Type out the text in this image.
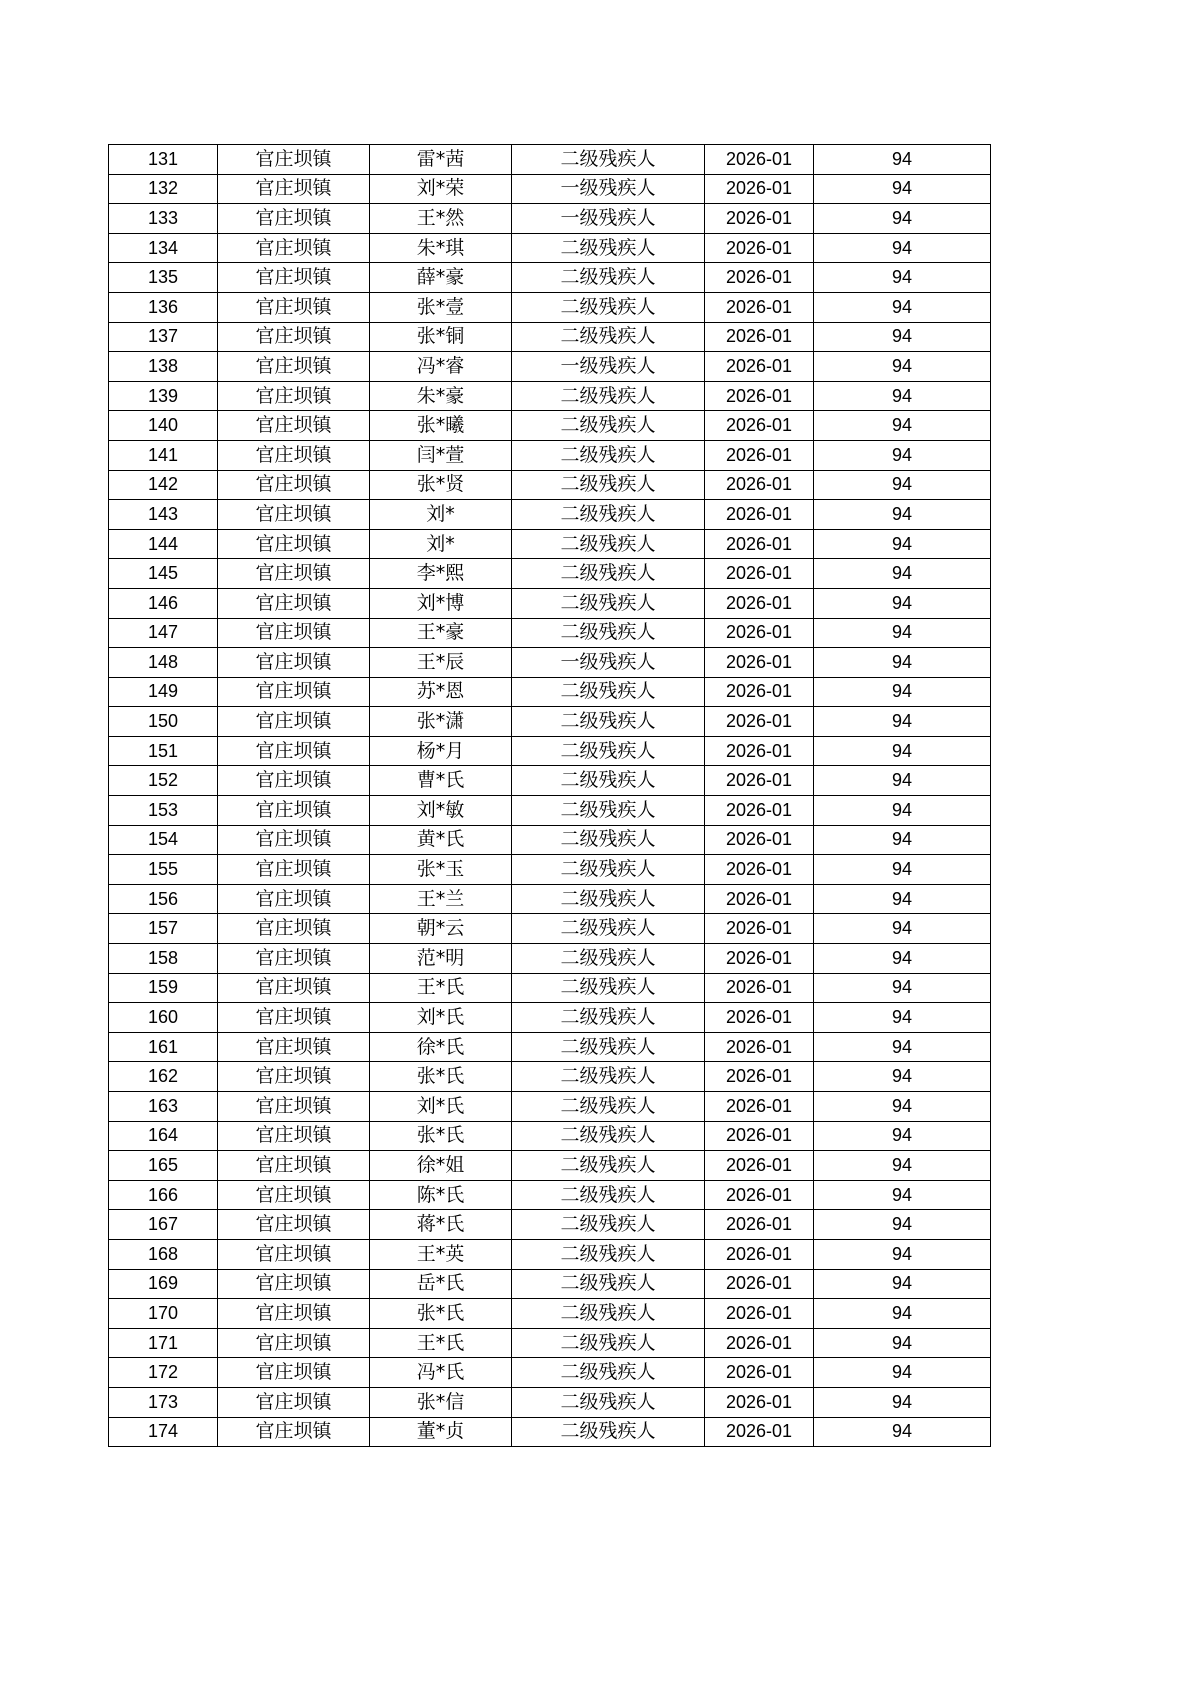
131	官庄坝镇	雷*茜	二级残疾人	2026-01	94
132	官庄坝镇	刘*荣	一级残疾人	2026-01	94
133	官庄坝镇	王*然	一级残疾人	2026-01	94
134	官庄坝镇	朱*琪	二级残疾人	2026-01	94
135	官庄坝镇	薛*豪	二级残疾人	2026-01	94
136	官庄坝镇	张*壹	二级残疾人	2026-01	94
137	官庄坝镇	张*铜	二级残疾人	2026-01	94
138	官庄坝镇	冯*睿	一级残疾人	2026-01	94
139	官庄坝镇	朱*豪	二级残疾人	2026-01	94
140	官庄坝镇	张*曦	二级残疾人	2026-01	94
141	官庄坝镇	闫*萱	二级残疾人	2026-01	94
142	官庄坝镇	张*贤	二级残疾人	2026-01	94
143	官庄坝镇	刘*	二级残疾人	2026-01	94
144	官庄坝镇	刘*	二级残疾人	2026-01	94
145	官庄坝镇	李*熙	二级残疾人	2026-01	94
146	官庄坝镇	刘*博	二级残疾人	2026-01	94
147	官庄坝镇	王*豪	二级残疾人	2026-01	94
148	官庄坝镇	王*辰	一级残疾人	2026-01	94
149	官庄坝镇	苏*恩	二级残疾人	2026-01	94
150	官庄坝镇	张*潇	二级残疾人	2026-01	94
151	官庄坝镇	杨*月	二级残疾人	2026-01	94
152	官庄坝镇	曹*氏	二级残疾人	2026-01	94
153	官庄坝镇	刘*敏	二级残疾人	2026-01	94
154	官庄坝镇	黄*氏	二级残疾人	2026-01	94
155	官庄坝镇	张*玉	二级残疾人	2026-01	94
156	官庄坝镇	王*兰	二级残疾人	2026-01	94
157	官庄坝镇	朝*云	二级残疾人	2026-01	94
158	官庄坝镇	范*明	二级残疾人	2026-01	94
159	官庄坝镇	王*氏	二级残疾人	2026-01	94
160	官庄坝镇	刘*氏	二级残疾人	2026-01	94
161	官庄坝镇	徐*氏	二级残疾人	2026-01	94
162	官庄坝镇	张*氏	二级残疾人	2026-01	94
163	官庄坝镇	刘*氏	二级残疾人	2026-01	94
164	官庄坝镇	张*氏	二级残疾人	2026-01	94
165	官庄坝镇	徐*姐	二级残疾人	2026-01	94
166	官庄坝镇	陈*氏	二级残疾人	2026-01	94
167	官庄坝镇	蒋*氏	二级残疾人	2026-01	94
168	官庄坝镇	王*英	二级残疾人	2026-01	94
169	官庄坝镇	岳*氏	二级残疾人	2026-01	94
170	官庄坝镇	张*氏	二级残疾人	2026-01	94
171	官庄坝镇	王*氏	二级残疾人	2026-01	94
172	官庄坝镇	冯*氏	二级残疾人	2026-01	94
173	官庄坝镇	张*信	二级残疾人	2026-01	94
174	官庄坝镇	董*贞	二级残疾人	2026-01	94
